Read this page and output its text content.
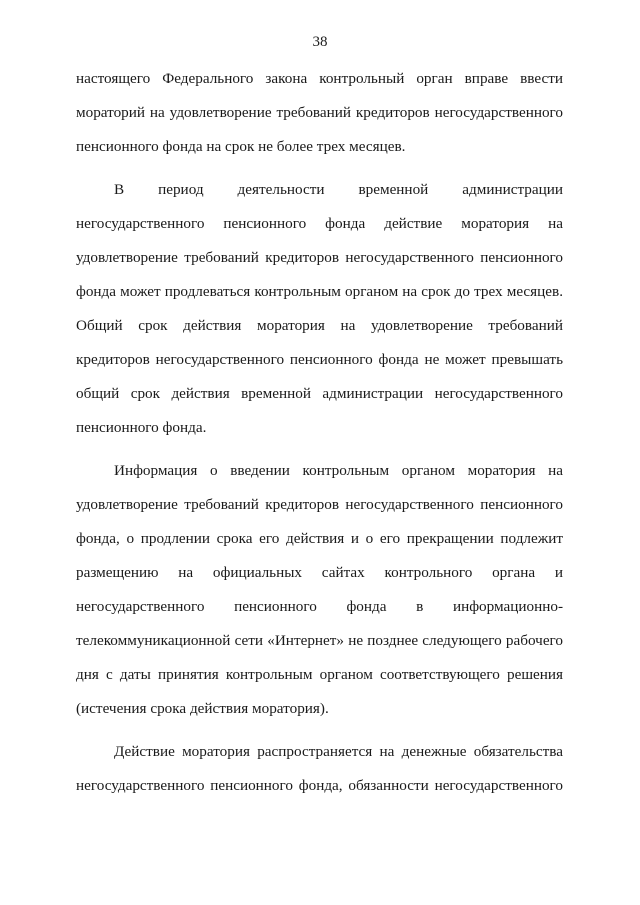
38
настоящего Федерального закона контрольный орган вправе ввести
мораторий на удовлетворение требований кредиторов негосударственного
пенсионного фонда на срок не более трех месяцев.
В период деятельности временной администрации
негосударственного пенсионного фонда действие моратория на
удовлетворение требований кредиторов негосударственного пенсионного
фонда может продлеваться контрольным органом на срок до трех месяцев.
Общий срок действия моратория на удовлетворение требований
кредиторов негосударственного пенсионного фонда не может превышать
общий срок действия временной администрации негосударственного
пенсионного фонда.
Информация о введении контрольным органом моратория на
удовлетворение требований кредиторов негосударственного пенсионного
фонда, о продлении срока его действия и о его прекращении подлежит
размещению на официальных сайтах контрольного органа и
негосударственного пенсионного фонда в информационно-
телекоммуникационной сети «Интернет» не позднее следующего рабочего
дня с даты принятия контрольным органом соответствующего решения
(истечения срока действия моратория).
Действие моратория распространяется на денежные обязательства
негосударственного пенсионного фонда, обязанности негосударственного
